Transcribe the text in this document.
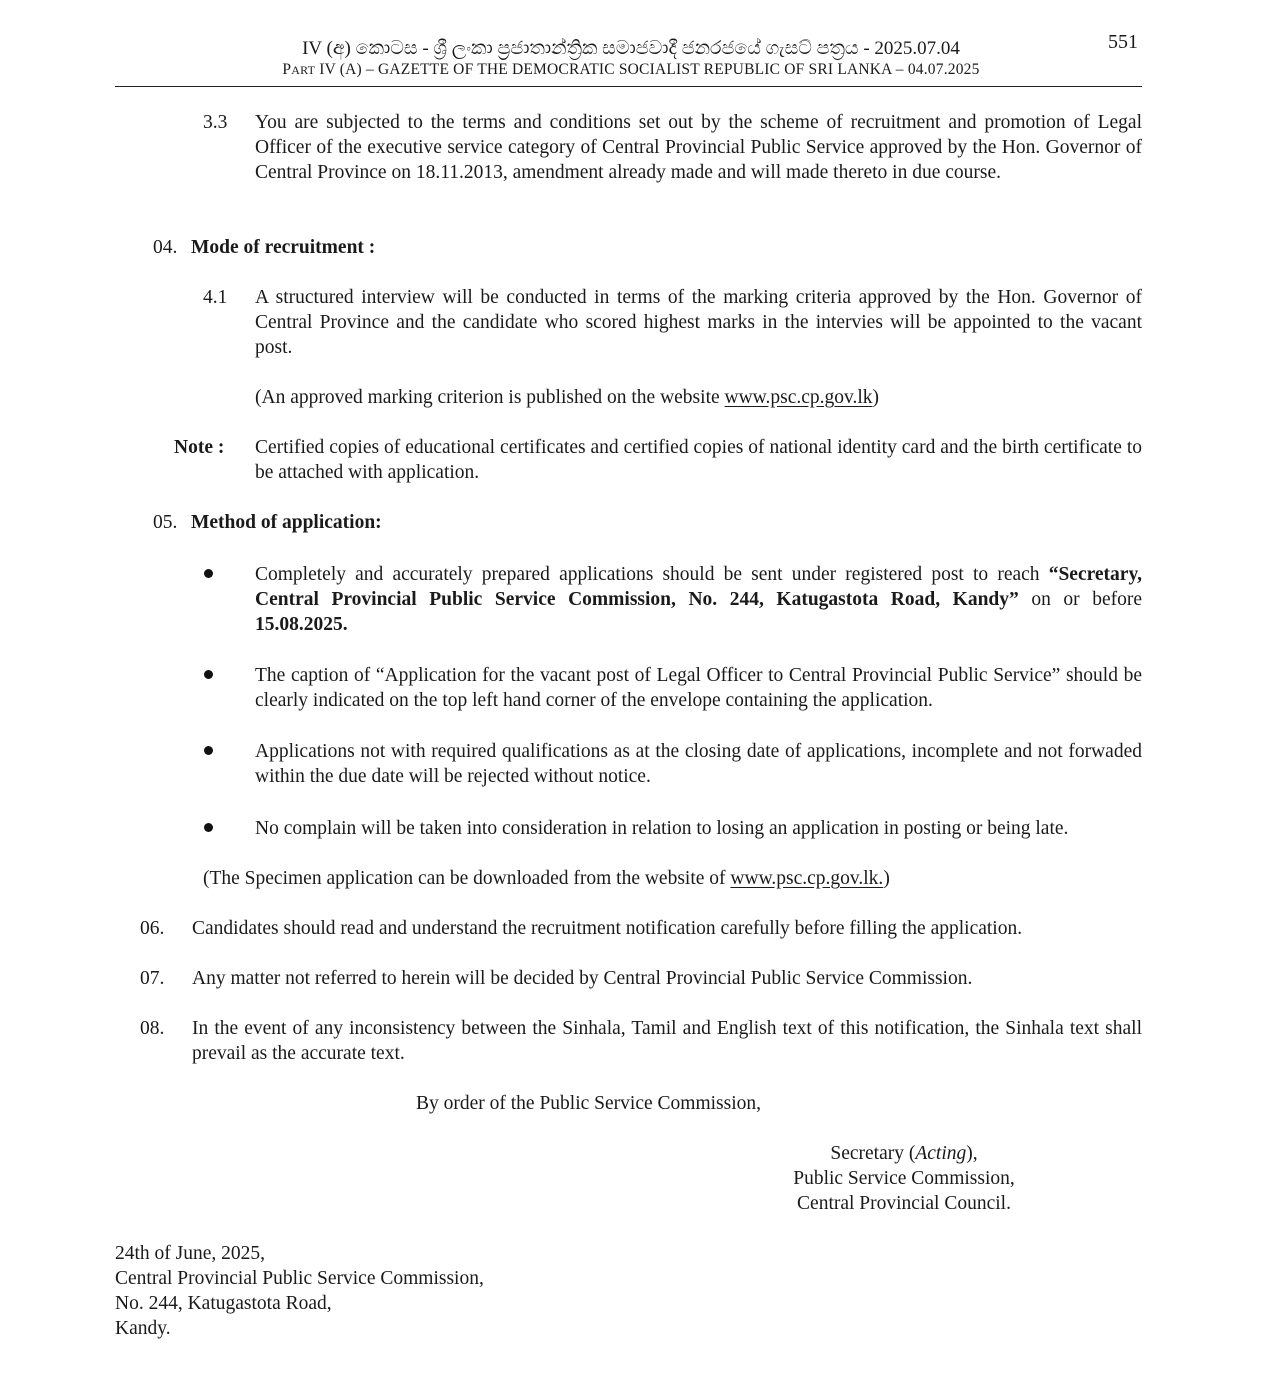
IV (අ) කොටස - ශ්‍රී ලංකා ප්‍රජාතාන්ත්‍රික සමාජවාදී ජනරජයේ ගැසට් පත්‍රය - 2025.07.04
PART IV (A) – GAZETTE OF THE DEMOCRATIC SOCIALIST REPUBLIC OF SRI LANKA – 04.07.2025
551
3.3 You are subjected to the terms and conditions set out by the scheme of recruitment and promotion of Legal Officer of the executive service category of Central Provincial Public Service approved by the Hon. Governor of Central Province on 18.11.2013, amendment already made and will made thereto in due course.
04. Mode of recruitment :
4.1 A structured interview will be conducted in terms of the marking criteria approved by the Hon. Governor of Central Province and the candidate who scored highest marks in the intervies will be appointed to the vacant post.
(An approved marking criterion is published on the website www.psc.cp.gov.lk)
Note : Certified copies of educational certificates and certified copies of national identity card and the birth certificate to be attached with application.
05. Method of application:
Completely and accurately prepared applications should be sent under registered post to reach “Secretary, Central Provincial Public Service Commission, No. 244, Katugastota Road, Kandy” on or before 15.08.2025.
The caption of “Application for the vacant post of Legal Officer to Central Provincial Public Service” should be clearly indicated on the top left hand corner of the envelope containing the application.
Applications not with required qualifications as at the closing date of applications, incomplete and not forwaded within the due date will be rejected without notice.
No complain will be taken into consideration in relation to losing an application in posting or being late.
(The Specimen application can be downloaded from the website of www.psc.cp.gov.lk.)
06. Candidates should read and understand the recruitment notification carefully before filling the application.
07. Any matter not referred to herein will be decided by Central Provincial Public Service Commission.
08. In the event of any inconsistency between the Sinhala, Tamil and English text of this notification, the Sinhala text shall prevail as the accurate text.
By order of the Public Service Commission,
Secretary (Acting),
Public Service Commission,
Central Provincial Council.
24th of June, 2025,
Central Provincial Public Service Commission,
No. 244, Katugastota Road,
Kandy.
